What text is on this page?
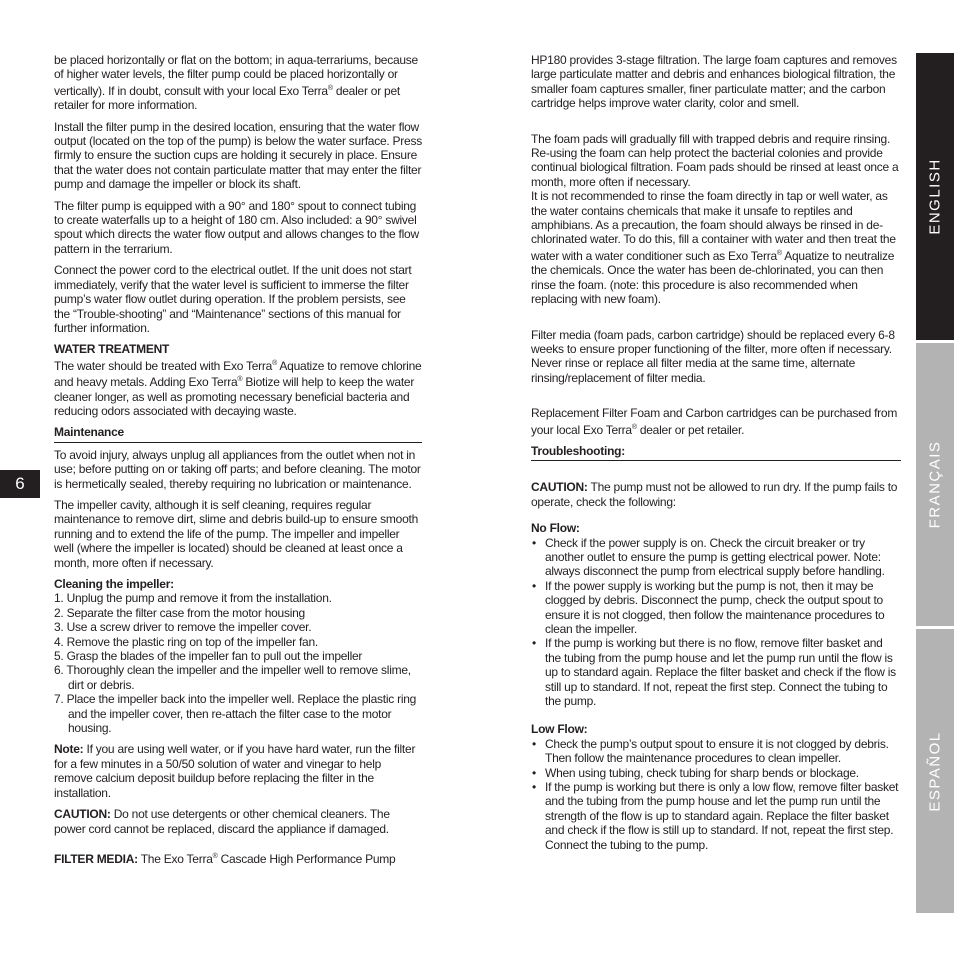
6
ENGLISH
FRANÇAIS
ESPAÑOL

be placed horizontally or flat on the bottom; in aqua-terrariums, because of higher water levels, the filter pump could be placed horizontally or vertically). If in doubt, consult with your local Exo Terra® dealer or pet retailer for more information.

Install the filter pump in the desired location, ensuring that the water flow output (located on the top of the pump) is below the water surface. Press firmly to ensure the suction cups are holding it securely in place. Ensure that the water does not contain particulate matter that may enter the filter pump and damage the impeller or block its shaft.

The filter pump is equipped with a 90° and 180° spout to connect tubing to create waterfalls up to a height of 180 cm. Also included: a 90° swivel spout which directs the water flow output and allows changes to the flow pattern in the terrarium.

Connect the power cord to the electrical outlet. If the unit does not start immediately, verify that the water level is sufficient to immerse the filter pump’s water flow outlet during operation. If the problem persists, see the “Trouble-shooting” and “Maintenance” sections of this manual for further information.

WATER TREATMENT

The water should be treated with Exo Terra® Aquatize to remove chlorine and heavy metals. Adding Exo Terra® Biotize will help to keep the water cleaner longer, as well as promoting necessary beneficial bacteria and reducing odors associated with decaying waste.

Maintenance

To avoid injury, always unplug all appliances from the outlet when not in use; before putting on or taking off parts; and before cleaning. The motor is hermetically sealed, thereby requiring no lubrication or maintenance.

The impeller cavity, although it is self cleaning, requires regular maintenance to remove dirt, slime and debris build-up to ensure smooth running and to extend the life of the pump. The impeller and impeller well (where the impeller is located) should be cleaned at least once a month, more often if necessary.

Cleaning the impeller:
1. Unplug the pump and remove it from the installation.
2. Separate the filter case from the motor housing
3. Use a screw driver to remove the impeller cover.
4. Remove the plastic ring on top of the impeller fan.
5. Grasp the blades of the impeller fan to pull out the impeller
6. Thoroughly clean the impeller and the impeller well to remove slime, dirt or debris.
7. Place the impeller back into the impeller well. Replace the plastic ring and the impeller cover, then re-attach the filter case to the motor housing.

Note: If you are using well water, or if you have hard water, run the filter for a few minutes in a 50/50 solution of water and vinegar to help remove calcium deposit buildup before replacing the filter in the installation.

CAUTION: Do not use detergents or other chemical cleaners. The power cord cannot be replaced, discard the appliance if damaged.

FILTER MEDIA: The Exo Terra® Cascade High Performance Pump

HP180 provides 3-stage filtration. The large foam captures and removes large particulate matter and debris and enhances biological filtration, the smaller foam captures smaller, finer particulate matter; and the carbon cartridge helps improve water clarity, color and smell.

The foam pads will gradually fill with trapped debris and require rinsing. Re-using the foam can help protect the bacterial colonies and provide continual biological filtration. Foam pads should be rinsed at least once a month, more often if necessary.

It is not recommended to rinse the foam directly in tap or well water, as the water contains chemicals that make it unsafe to reptiles and amphibians. As a precaution, the foam should always be rinsed in de-chlorinated water. To do this, fill a container with water and then treat the water with a water conditioner such as Exo Terra® Aquatize to neutralize the chemicals. Once the water has been de-chlorinated, you can then rinse the foam. (note: this procedure is also recommended when replacing with new foam).

Filter media (foam pads, carbon cartridge) should be replaced every 6-8 weeks to ensure proper functioning of the filter, more often if necessary. Never rinse or replace all filter media at the same time, alternate rinsing/replacement of filter media.

Replacement Filter Foam and Carbon cartridges can be purchased from your local Exo Terra® dealer or pet retailer.

Troubleshooting:

CAUTION: The pump must not be allowed to run dry. If the pump fails to operate, check the following:

No Flow:
• Check if the power supply is on. Check the circuit breaker or try another outlet to ensure the pump is getting electrical power. Note: always disconnect the pump from electrical supply before handling.
• If the power supply is working but the pump is not, then it may be clogged by debris. Disconnect the pump, check the output spout to ensure it is not clogged, then follow the maintenance procedures to clean the impeller.
• If the pump is working but there is no flow, remove filter basket and the tubing from the pump house and let the pump run until the flow is up to standard again. Replace the filter basket and check if the flow is still up to standard. If not, repeat the first step. Connect the tubing to the pump.
Low Flow:
• Check the pump’s output spout to ensure it is not clogged by debris. Then follow the maintenance procedures to clean impeller.
• When using tubing, check tubing for sharp bends or blockage.
• If the pump is working but there is only a low flow, remove filter basket and the tubing from the pump house and let the pump run until the strength of the flow is up to standard again. Replace the filter basket and check if the flow is still up to standard. If not, repeat the first step. Connect the tubing to the pump.
